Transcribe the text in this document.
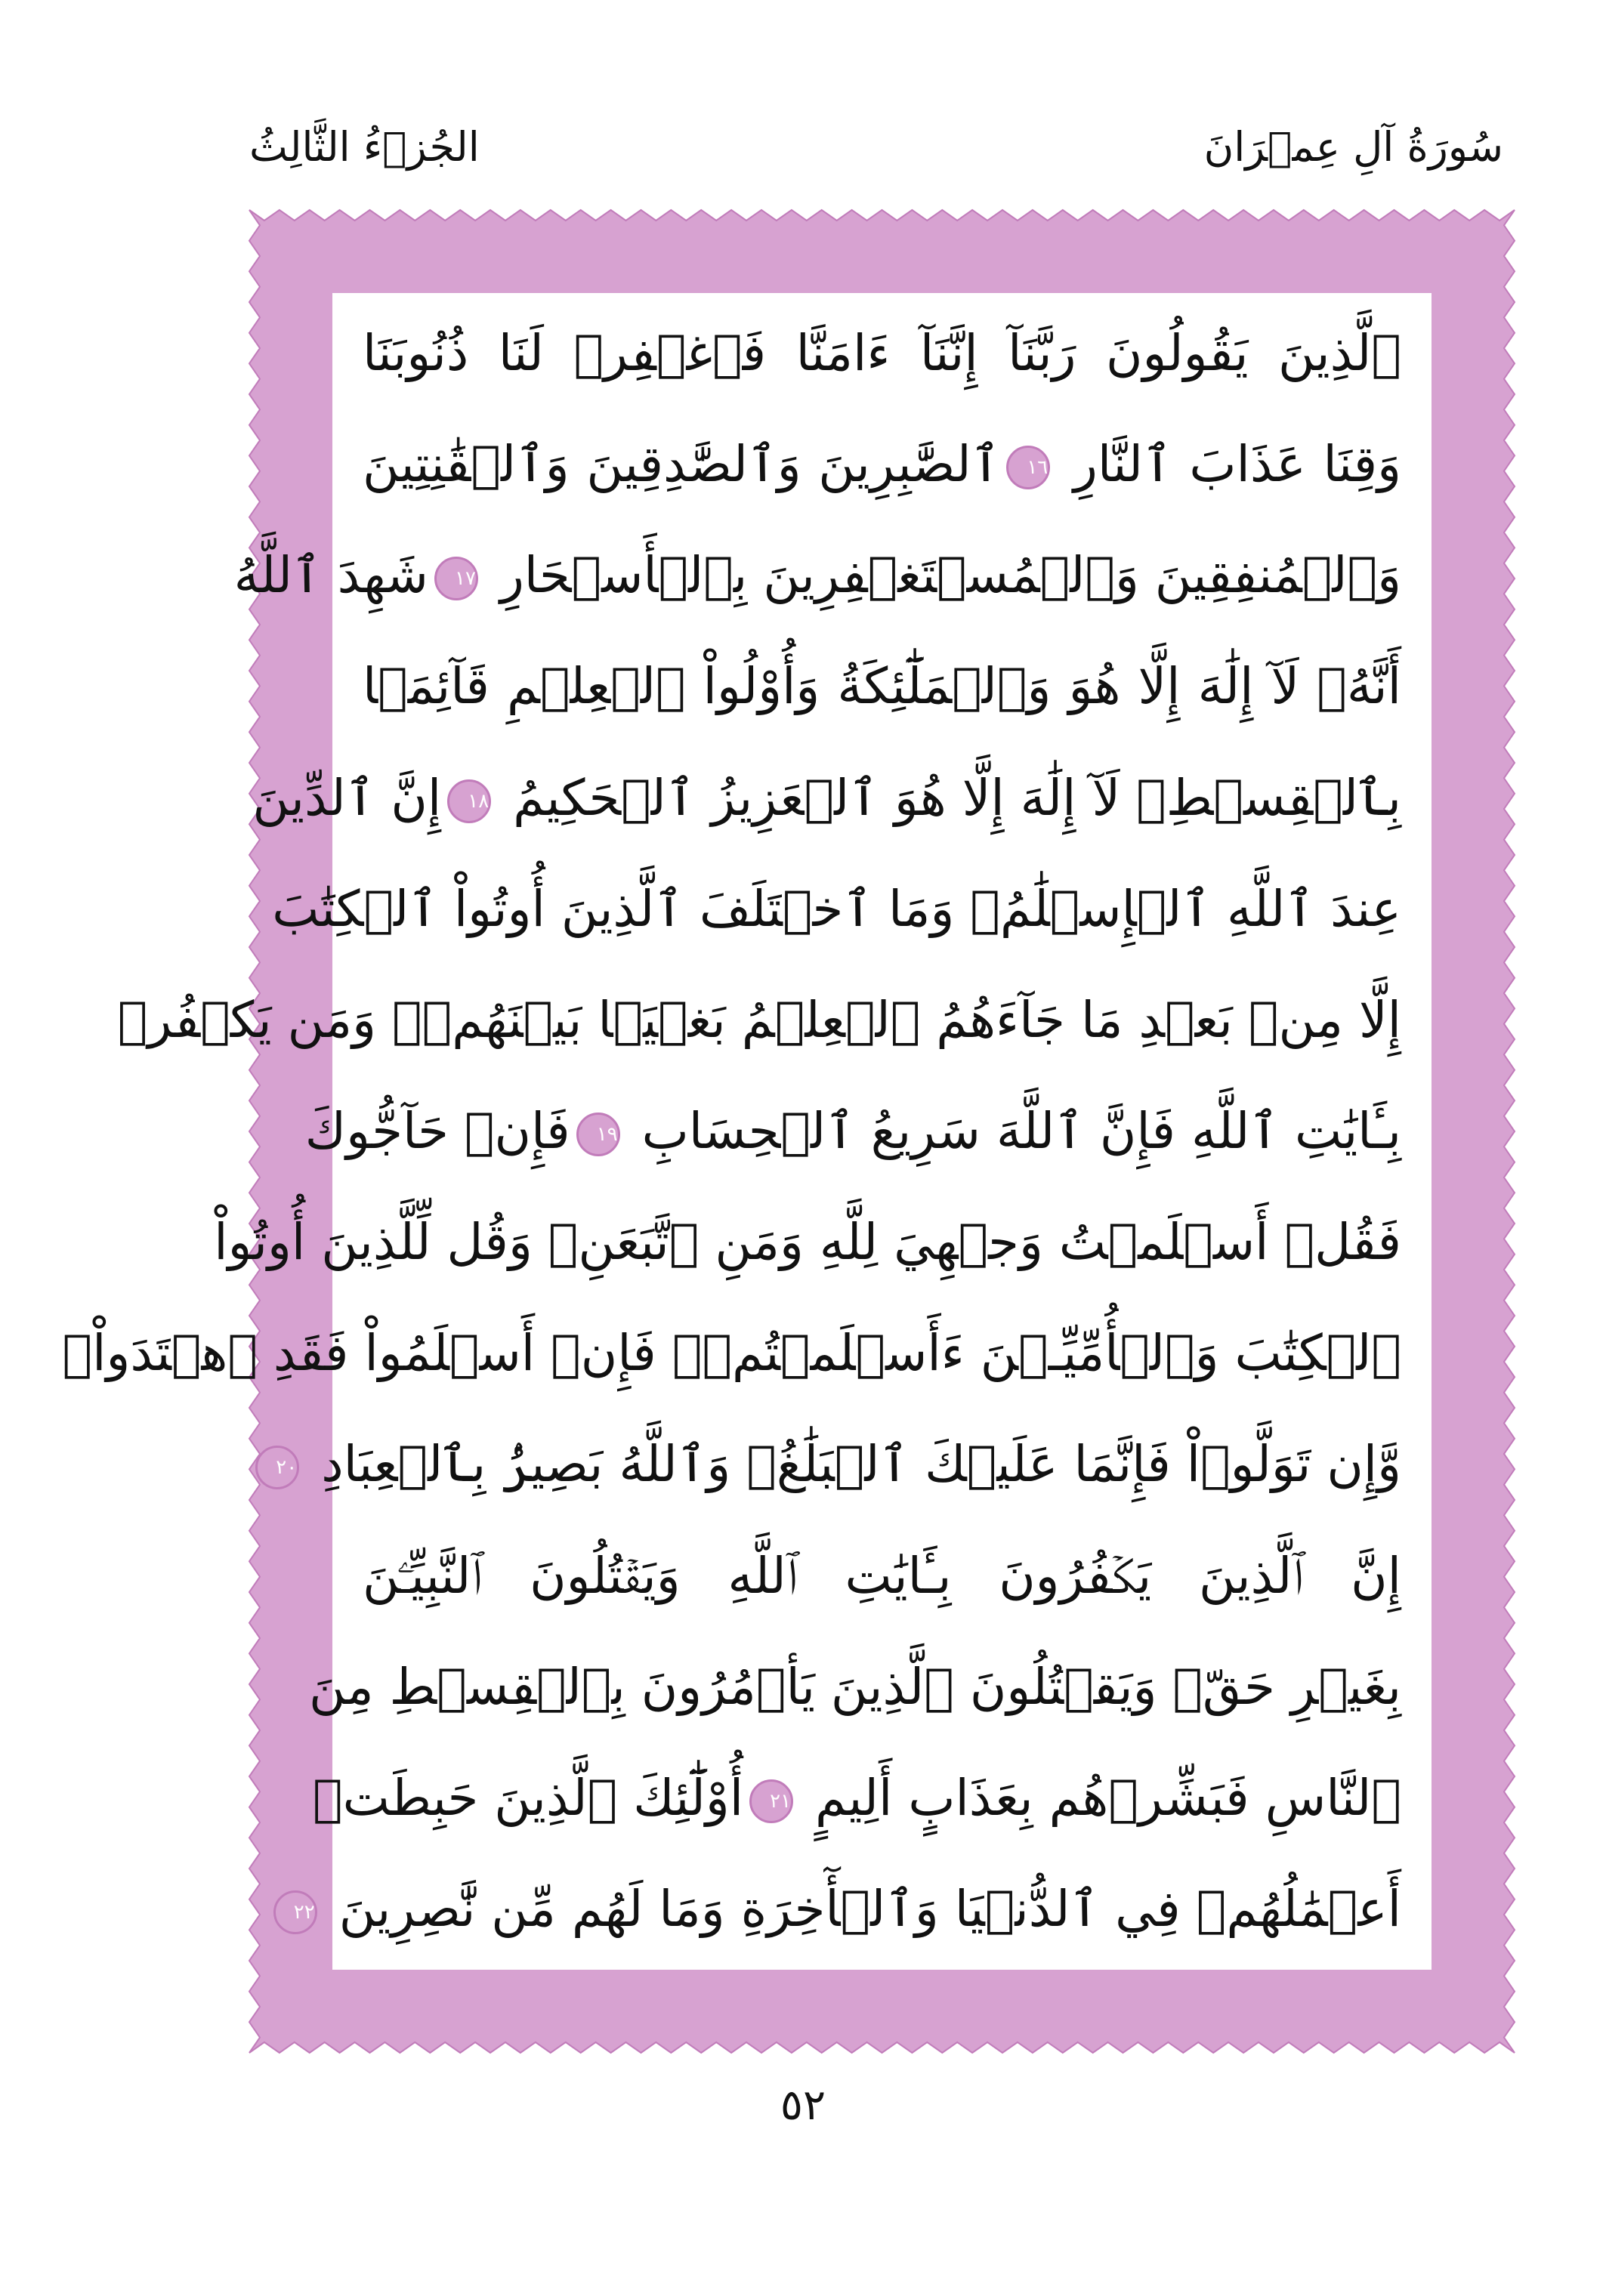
الجُزۡءُ الثَّالِثُ	سُورَةُ آلِ عِمۡرَانَ
ٱلَّذِينَ يَقُولُونَ رَبَّنَآ إِنَّنَآ ءَامَنَّا فَٱغۡفِرۡ لَنَا ذُنُوبَنَا
وَقِنَا عَذَابَ ٱلنَّارِ ١٦ٱلصَّٰبِرِينَ وَٱلصَّٰدِقِينَ وَٱلۡقَٰنِتِينَ
وَٱلۡمُنفِقِينَ وَٱلۡمُسۡتَغۡفِرِينَ بِٱلۡأَسۡحَارِ ١٧شَهِدَ ٱللَّهُ
أَنَّهُۥ لَآ إِلَٰهَ إِلَّا هُوَ وَٱلۡمَلَٰٓئِكَةُ وَأُوْلُواْ ٱلۡعِلۡمِ قَآئِمَۢا
بِٱلۡقِسۡطِۚ لَآ إِلَٰهَ إِلَّا هُوَ ٱلۡعَزِيزُ ٱلۡحَكِيمُ ١٨إِنَّ ٱلدِّينَ
عِندَ ٱللَّهِ ٱلۡإِسۡلَٰمُۗ وَمَا ٱخۡتَلَفَ ٱلَّذِينَ أُوتُواْ ٱلۡكِتَٰبَ
إِلَّا مِنۢ بَعۡدِ مَا جَآءَهُمُ ٱلۡعِلۡمُ بَغۡيَۢا بَيۡنَهُمۡۗ وَمَن يَكۡفُرۡ
بِـَٔايَٰتِ ٱللَّهِ فَإِنَّ ٱللَّهَ سَرِيعُ ٱلۡحِسَابِ ١٩فَإِنۡ حَآجُّوكَ
فَقُلۡ أَسۡلَمۡتُ وَجۡهِيَ لِلَّهِ وَمَنِ ٱتَّبَعَنِۗ وَقُل لِّلَّذِينَ أُوتُواْ
ٱلۡكِتَٰبَ وَٱلۡأُمِّيِّـۧنَ ءَأَسۡلَمۡتُمۡۚ فَإِنۡ أَسۡلَمُواْ فَقَدِ ٱهۡتَدَواْۖ
وَّإِن تَوَلَّوۡاْ فَإِنَّمَا عَلَيۡكَ ٱلۡبَلَٰغُۗ وَٱللَّهُ بَصِيرُۢ بِٱلۡعِبَادِ ٢٠
إِنَّ ٱلَّذِينَ يَكۡفُرُونَ بِـَٔايَٰتِ ٱللَّهِ وَيَقۡتُلُونَ ٱلنَّبِيِّـۧنَ
بِغَيۡرِ حَقّٖ وَيَقۡتُلُونَ ٱلَّذِينَ يَأۡمُرُونَ بِٱلۡقِسۡطِ مِنَ
ٱلنَّاسِ فَبَشِّرۡهُم بِعَذَابٍ أَلِيمٍ ٢١أُوْلَٰٓئِكَ ٱلَّذِينَ حَبِطَتۡ
أَعۡمَٰلُهُمۡ فِي ٱلدُّنۡيَا وَٱلۡأٓخِرَةِ وَمَا لَهُم مِّن نَّٰصِرِينَ ٢٢
٥٢
